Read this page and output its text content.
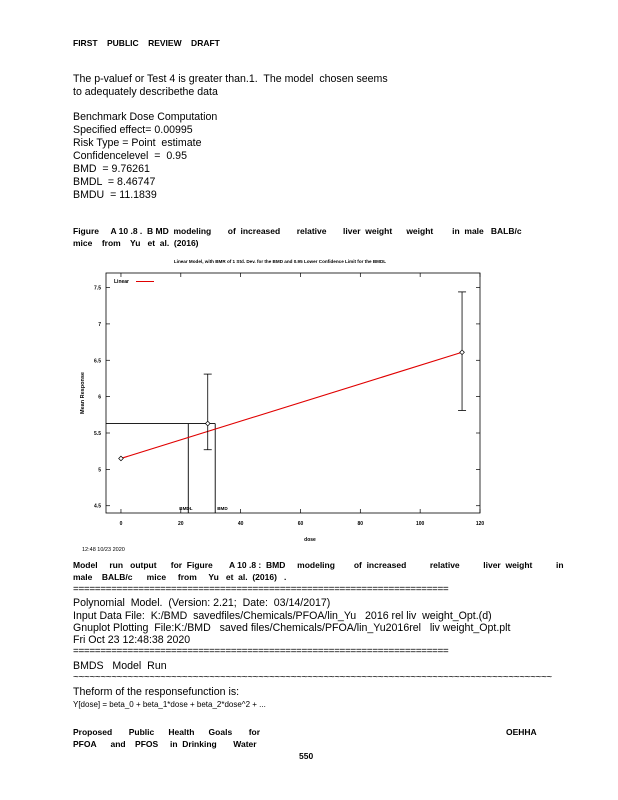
FIRST    PUBLIC    REVIEW    DRAFT
The p-valuef or Test 4 is greater than.1.  The model  chosen seems
to adequately describethe data
Benchmark Dose Computation
Specified effect= 0.00995
Risk Type = Point  estimate
Confidencelevel  =  0.95
BMD  = 9.76261
BMDL  = 8.46747
BMDU  = 11.1839
Figure     A 10 .8 .  B MD  modeling       of  increased       relative       liver  weight      weight        in  male   BALB/c
mice    from    Yu   et  al.  (2016)
Linear Model, with BMR of 1 Std. Dev. for the BMD and 0.95 Lower Confidence Limit for the BMDL
Linear
4.5
5
5.5
6
6.5
7
7.5
0	20	40	60	80	100	120
BMDL	BMD
Mean Response
dose
12:48 10/23 2020
Model     run   output      for  Figure       A 10 .8 :  BMD     modeling        of  increased          relative          liver  weight          in
male    BALB/c      mice     from     Yu   et  al.  (2016)   .
=====================================================================
Polynomial  Model.  (Version: 2.21;  Date:  03/14/2017)
Input Data File:  K:/BMD  savedfiles/Chemicals/PFOA/lin_Yu   2016 rel liv  weight_Opt.(d)
Gnuplot Plotting  File:K:/BMD   saved files/Chemicals/PFOA/lin_Yu2016rel   liv weight_Opt.plt
Fri Oct 23 12:48:38 2020
=====================================================================
BMDS   Model  Run
~~~~~~~~~~~~~~~~~~~~~~~~~~~~~~~~~~~~~~~~~~~~~~~~~~~~~~~~~~~~~~~~~~~~~~~~~~~~~~~~~~~~~~~~
Theform of the responsefunction is:
Y[dose] = beta_0 + beta_1*dose + beta_2*dose^2 + ...
Proposed       Public      Health      Goals       for
PFOA      and    PFOS     in  Drinking       Water
OEHHA
550
